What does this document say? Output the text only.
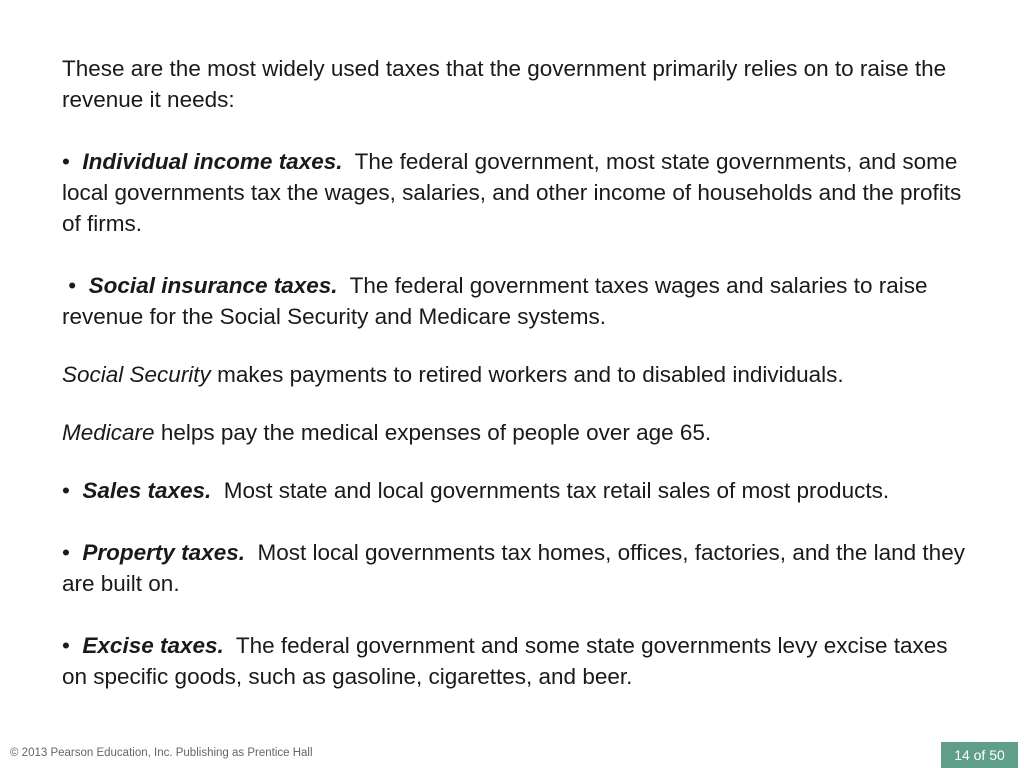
These are the most widely used taxes that the government primarily relies on to raise the revenue it needs:

• Individual income taxes. The federal government, most state governments, and some local governments tax the wages, salaries, and other income of households and the profits of firms.

• Social insurance taxes. The federal government taxes wages and salaries to raise revenue for the Social Security and Medicare systems.

Social Security makes payments to retired workers and to disabled individuals.

Medicare helps pay the medical expenses of people over age 65.

• Sales taxes. Most state and local governments tax retail sales of most products.

• Property taxes. Most local governments tax homes, offices, factories, and the land they are built on.

• Excise taxes. The federal government and some state governments levy excise taxes on specific goods, such as gasoline, cigarettes, and beer.

© 2013 Pearson Education, Inc. Publishing as Prentice Hall	14 of 50
